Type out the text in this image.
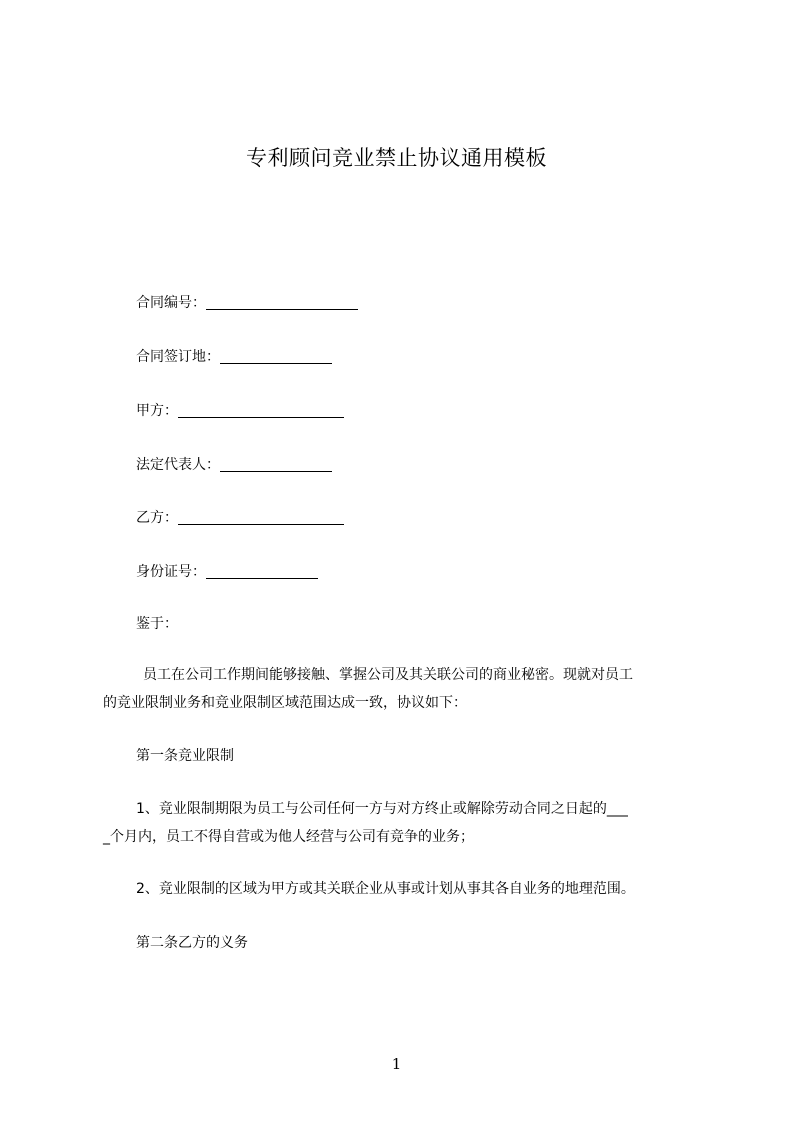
专利顾问竞业禁止协议通用模板
合同编号：
合同签订地：
甲方：
法定代表人：
乙方：
身份证号：
鉴于：
员工在公司工作期间能够接触、掌握公司及其关联公司的商业秘密。现就对员工
的竞业限制业务和竞业限制区域范围达成一致，协议如下：
第一条竞业限制
1、竞业限制期限为员工与公司任何一方与对方终止或解除劳动合同之日起的___
_个月内，员工不得自营或为他人经营与公司有竞争的业务；
2、竞业限制的区域为甲方或其关联企业从事或计划从事其各自业务的地理范围。
第二条乙方的义务
1
